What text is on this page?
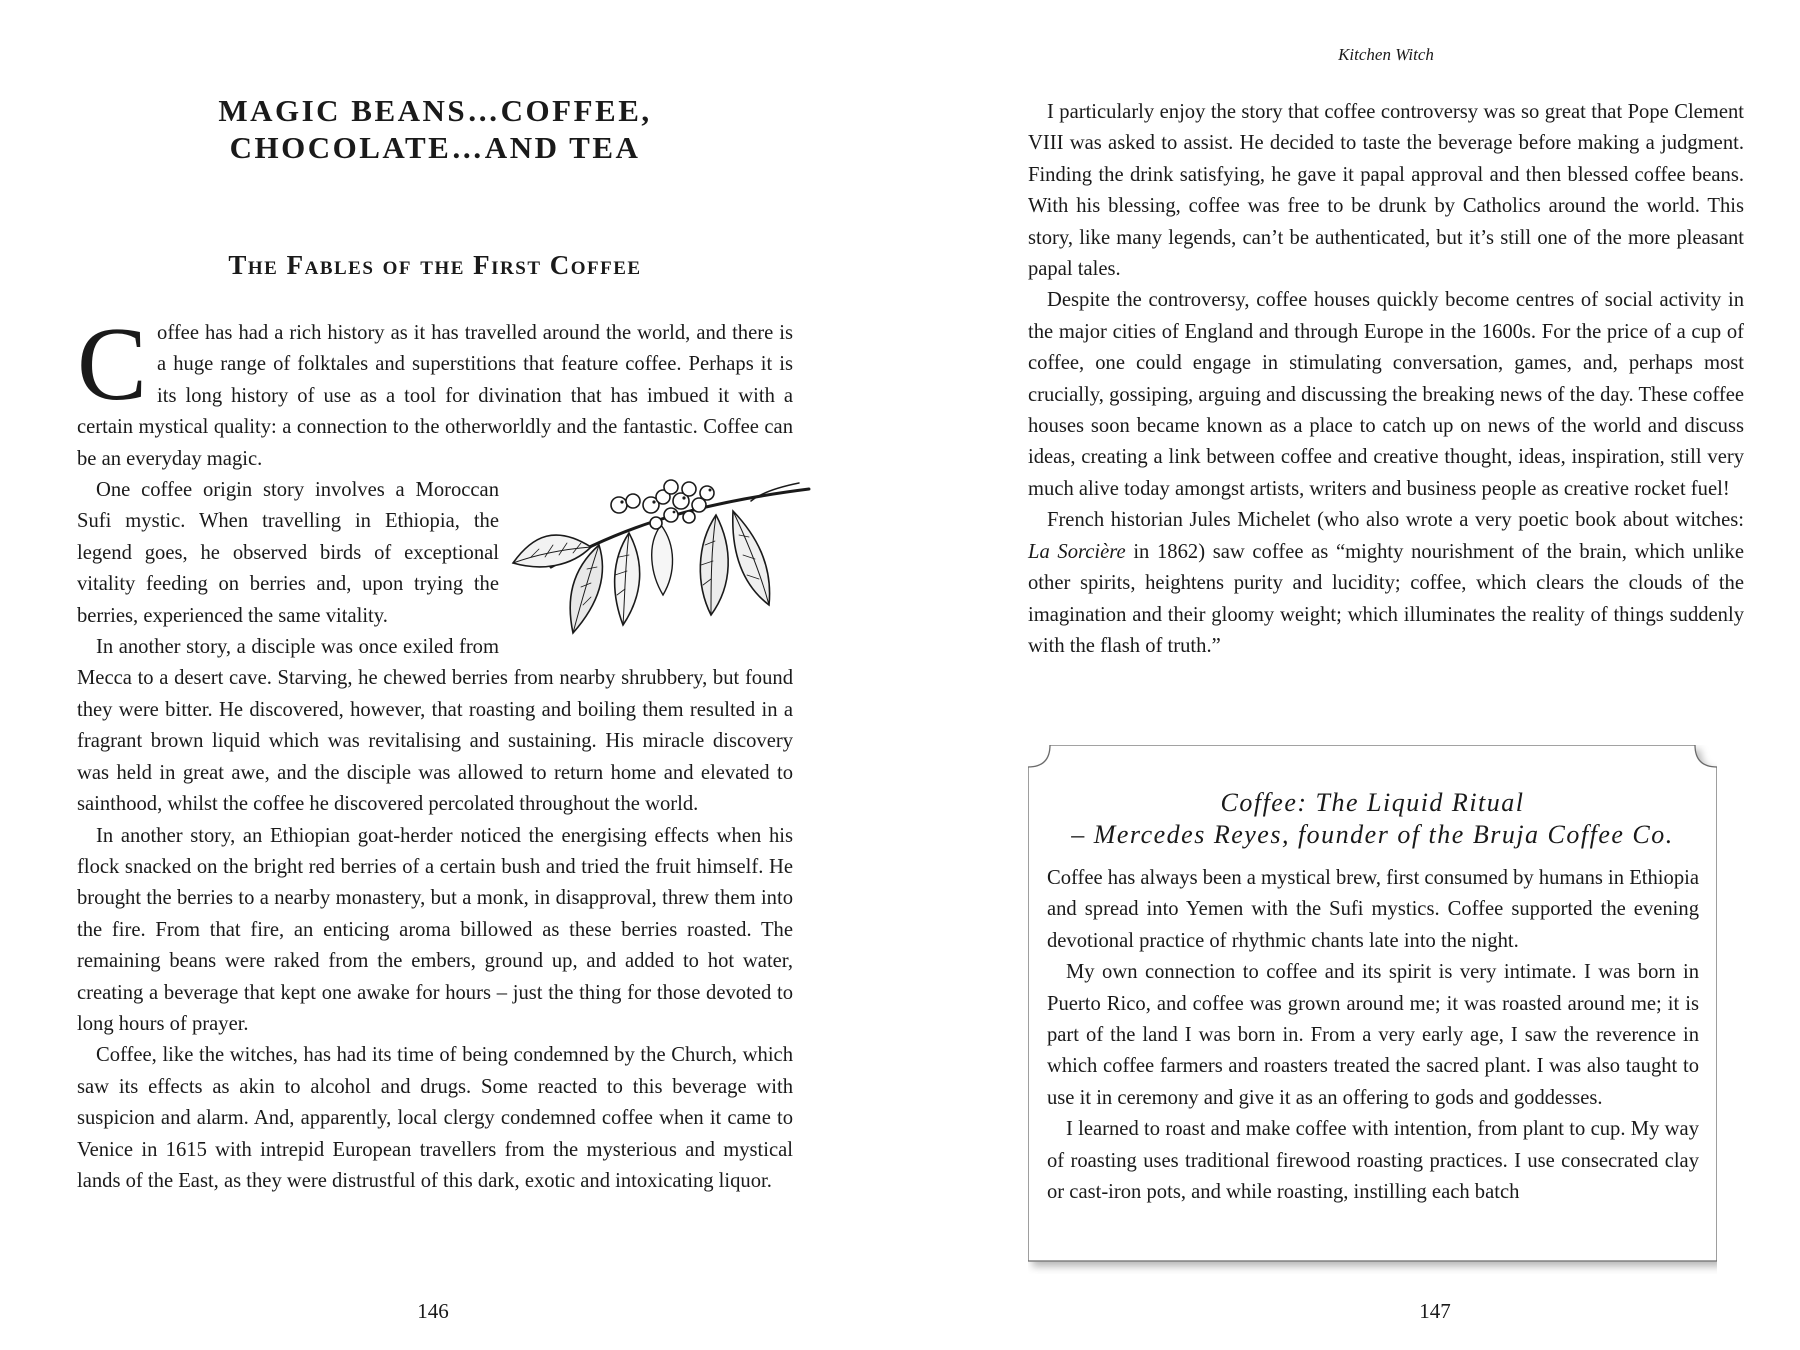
MAGIC BEANS…COFFEE,
CHOCOLATE…AND TEA
The Fables of the First Coffee

Coffee has had a rich history as it has travelled around the world, and there is a huge range of folktales and superstitions that feature coffee. Perhaps it is its long history of use as a tool for divination that has imbued it with a certain mystical quality: a connection to the otherworldly and the fantastic. Coffee can be an everyday magic.

One coffee origin story involves a Moroccan Sufi mystic. When travelling in Ethiopia, the legend goes, he observed birds of exceptional vitality feeding on berries and, upon trying the berries, experienced the same vitality.

In another story, a disciple was once exiled from Mecca to a desert cave. Starving, he chewed berries from nearby shrubbery, but found they were bitter. He discovered, however, that roasting and boiling them resulted in a fragrant brown liquid which was revitalising and sustaining. His miracle discovery was held in great awe, and the disciple was allowed to return home and elevated to sainthood, whilst the coffee he discovered percolated throughout the world.

In another story, an Ethiopian goat-herder noticed the energising effects when his flock snacked on the bright red berries of a certain bush and tried the fruit himself. He brought the berries to a nearby monastery, but a monk, in disapproval, threw them into the fire. From that fire, an enticing aroma billowed as these berries roasted. The remaining beans were raked from the embers, ground up, and added to hot water, creating a beverage that kept one awake for hours – just the thing for those devoted to long hours of prayer.

Coffee, like the witches, has had its time of being condemned by the Church, which saw its effects as akin to alcohol and drugs. Some reacted to this beverage with suspicion and alarm. And, apparently, local clergy condemned coffee when it came to Venice in 1615 with intrepid European travellers from the mysterious and mystical lands of the East, as they were distrustful of this dark, exotic and intoxicating liquor.

146
Kitchen Witch

I particularly enjoy the story that coffee controversy was so great that Pope Clement VIII was asked to assist. He decided to taste the beverage before making a judgment. Finding the drink satisfying, he gave it papal approval and then blessed coffee beans. With his blessing, coffee was free to be drunk by Catholics around the world. This story, like many legends, can’t be authenticated, but it’s still one of the more pleasant papal tales.

Despite the controversy, coffee houses quickly become centres of social activity in the major cities of England and through Europe in the 1600s. For the price of a cup of coffee, one could engage in stimulating conversation, games, and, perhaps most crucially, gossiping, arguing and discussing the breaking news of the day. These coffee houses soon became known as a place to catch up on news of the world and discuss ideas, creating a link between coffee and creative thought, ideas, inspiration, still very much alive today amongst artists, writers and business people as creative rocket fuel!

French historian Jules Michelet (who also wrote a very poetic book about witches: La Sorcière in 1862) saw coffee as “mighty nourishment of the brain, which unlike other spirits, heightens purity and lucidity; coffee, which clears the clouds of the imagination and their gloomy weight; which illuminates the reality of things suddenly with the flash of truth.”

Coffee: The Liquid Ritual
– Mercedes Reyes, founder of the Bruja Coffee Co.

Coffee has always been a mystical brew, first consumed by humans in Ethiopia and spread into Yemen with the Sufi mystics. Coffee supported the evening devotional practice of rhythmic chants late into the night.

My own connection to coffee and its spirit is very intimate. I was born in Puerto Rico, and coffee was grown around me; it was roasted around me; it is part of the land I was born in. From a very early age, I saw the reverence in which coffee farmers and roasters treated the sacred plant. I was also taught to use it in ceremony and give it as an offering to gods and goddesses.

I learned to roast and make coffee with intention, from plant to cup. My way of roasting uses traditional firewood roasting practices. I use consecrated clay or cast-iron pots, and while roasting, instilling each batch

147
